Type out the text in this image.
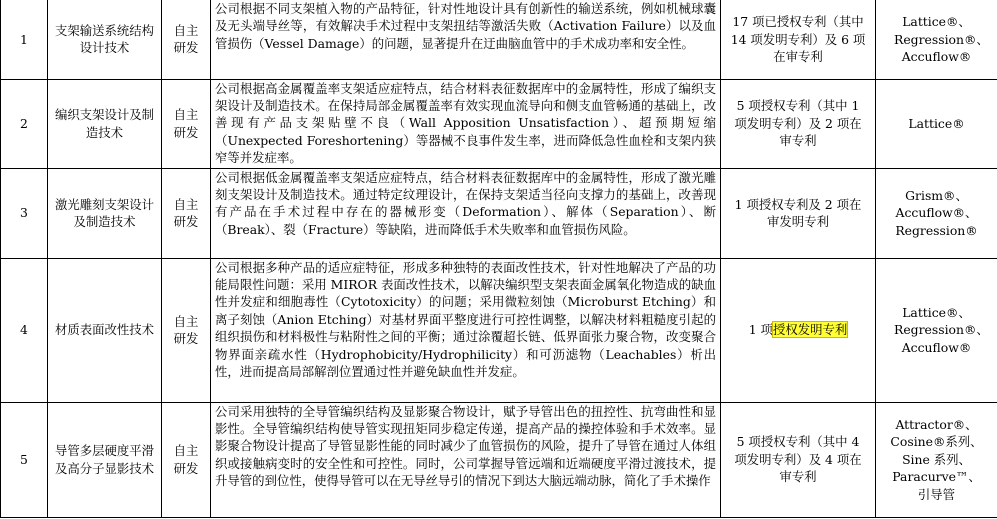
1	支架输送系统结构设计技术	自主研发	公司根据不同支架植入物的产品特征，针对性地设计具有创新性的输送系统，例如机械球囊及无头端导丝等，有效解决手术过程中支架扭结等激活失败（Activation Failure）以及血管损伤（Vessel Damage）的问题，显著提升在迂曲脑血管中的手术成功率和安全性。	17 项已授权专利（其中 14 项发明专利）及 6 项在审专利	Lattice®、Regression®、Accuflow®
2	编织支架设计及制造技术	自主研发	公司根据高金属覆盖率支架适应症特点，结合材料表征数据库中的金属特性，形成了编织支架设计及制造技术。在保持局部金属覆盖率有效实现血流导向和侧支血管畅通的基础上，改善现有产品支架贴壁不良（Wall Apposition Unsatisfaction）、超预期短缩（Unexpected Foreshortening）等器械不良事件发生率，进而降低急性血栓和支架内狭窄等并发症率。	5 项授权专利（其中 1 项发明专利）及 2 项在审专利	Lattice®
3	激光雕刻支架设计及制造技术	自主研发	公司根据低金属覆盖率支架适应症特点，结合材料表征数据库中的金属特性，形成了激光雕刻支架设计及制造技术。通过特定纹理设计，在保持支架适当径向支撑力的基础上，改善现有产品在手术过程中存在的器械形变（Deformation）、解体（Separation）、断（Break）、裂（Fracture）等缺陷，进而降低手术失败率和血管损伤风险。	1 项授权专利及 2 项在审发明专利	Grism®、Accuflow®、Regression®
4	材质表面改性技术	自主研发	公司根据多种产品的适应症特征，形成多种独特的表面改性技术，针对性地解决了产品的功能局限性问题：采用 MIROR 表面改性技术，以解决编织型支架表面金属氧化物造成的缺血性并发症和细胞毒性（Cytotoxicity）的问题；采用微粒刻蚀（Microburst Etching）和离子刻蚀（Anion Etching）对基材界面平整度进行可控性调整，以解决材料粗糙度引起的组织损伤和材料极性与粘附性之间的平衡；通过涂覆超长链、低界面张力聚合物，改变聚合物界面亲疏水性（Hydrophobicity/Hydrophilicity）和可沥滤物（Leachables）析出性，进而提高局部解剖位置通过性并避免缺血性并发症。	1 项授权发明专利	Lattice®、Regression®、Accuflow®
5	导管多层硬度平滑及高分子显影技术	自主研发	公司采用独特的全导管编织结构及显影聚合物设计，赋予导管出色的扭控性、抗弯曲性和显影性。全导管编织结构使导管实现扭矩同步稳定传递，提高产品的操控体验和手术效率。显影聚合物设计提高了导管显影性能的同时减少了血管损伤的风险，提升了导管在通过人体组织或接触病变时的安全性和可控性。同时，公司掌握导管远端和近端硬度平滑过渡技术，提升导管的到位性，使得导管可以在无导丝导引的情况下到达大脑远端动脉，简化了手术操作	5 项授权专利（其中 4 项发明专利）及 4 项在审专利	Attractor®、Cosine®系列、Sine 系列、Paracurve™、引导管
